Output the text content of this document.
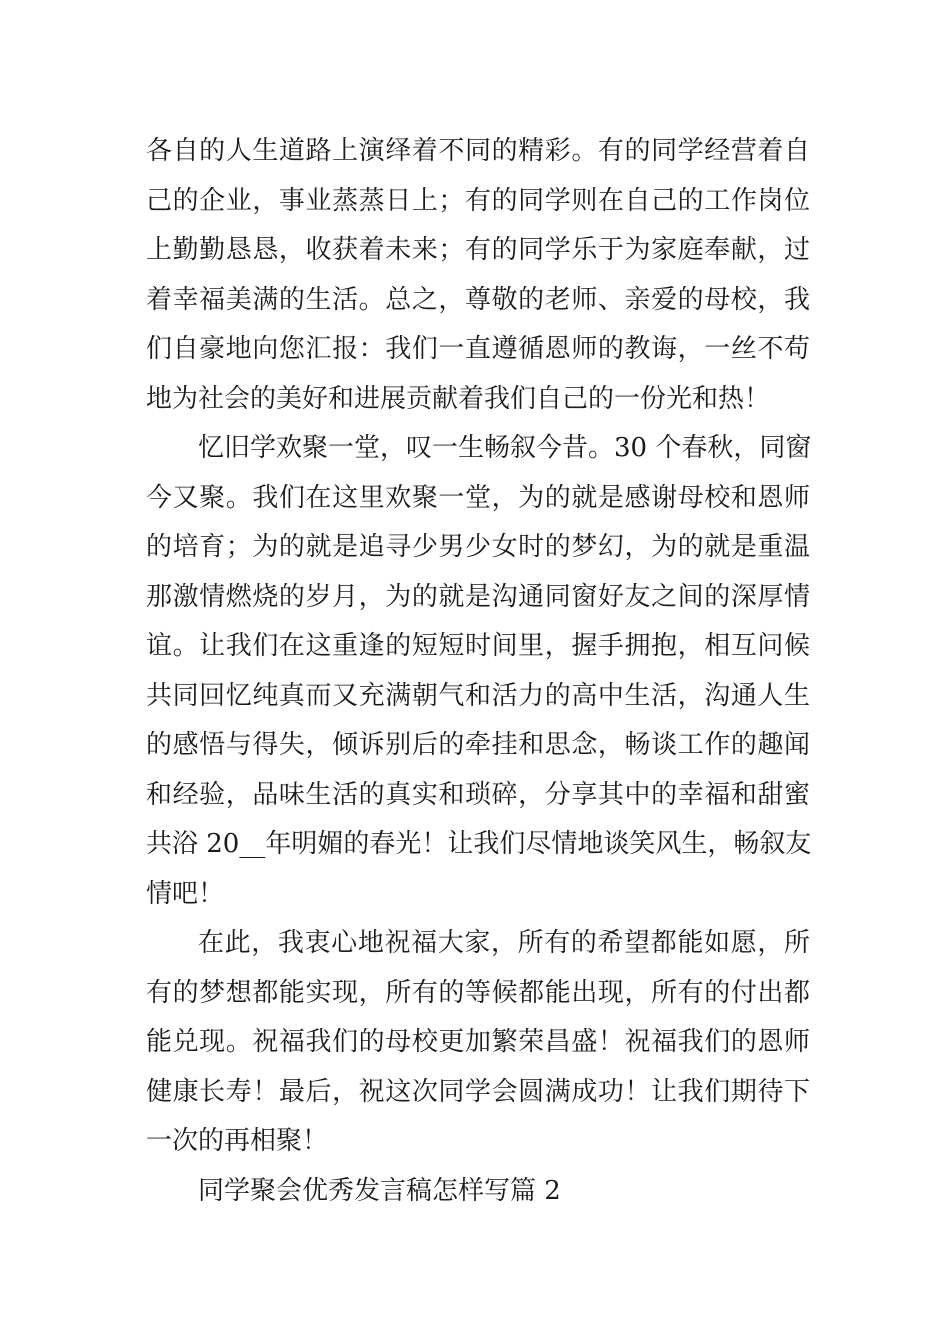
各自的人生道路上演绎着不同的精彩。有的同学经营着自
己的企业，事业蒸蒸日上；有的同学则在自己的工作岗位
上勤勤恳恳，收获着未来；有的同学乐于为家庭奉献，过
着幸福美满的生活。总之，尊敬的老师、亲爱的母校，我
们自豪地向您汇报：我们一直遵循恩师的教诲，一丝不苟
地为社会的美好和进展贡献着我们自己的一份光和热！
忆旧学欢聚一堂，叹一生畅叙今昔。30 个春秋，同窗
今又聚。我们在这里欢聚一堂，为的就是感谢母校和恩师
的培育；为的就是追寻少男少女时的梦幻，为的就是重温
那激情燃烧的岁月，为的就是沟通同窗好友之间的深厚情
谊。让我们在这重逢的短短时间里，握手拥抱，相互问候
共同回忆纯真而又充满朝气和活力的高中生活，沟通人生
的感悟与得失，倾诉别后的牵挂和思念，畅谈工作的趣闻
和经验，品味生活的真实和琐碎，分享其中的幸福和甜蜜
共浴 20__年明媚的春光！让我们尽情地谈笑风生，畅叙友
情吧！
在此，我衷心地祝福大家，所有的希望都能如愿，所
有的梦想都能实现，所有的等候都能出现，所有的付出都
能兑现。祝福我们的母校更加繁荣昌盛！祝福我们的恩师
健康长寿！最后，祝这次同学会圆满成功！让我们期待下
一次的再相聚！
同学聚会优秀发言稿怎样写篇 2
